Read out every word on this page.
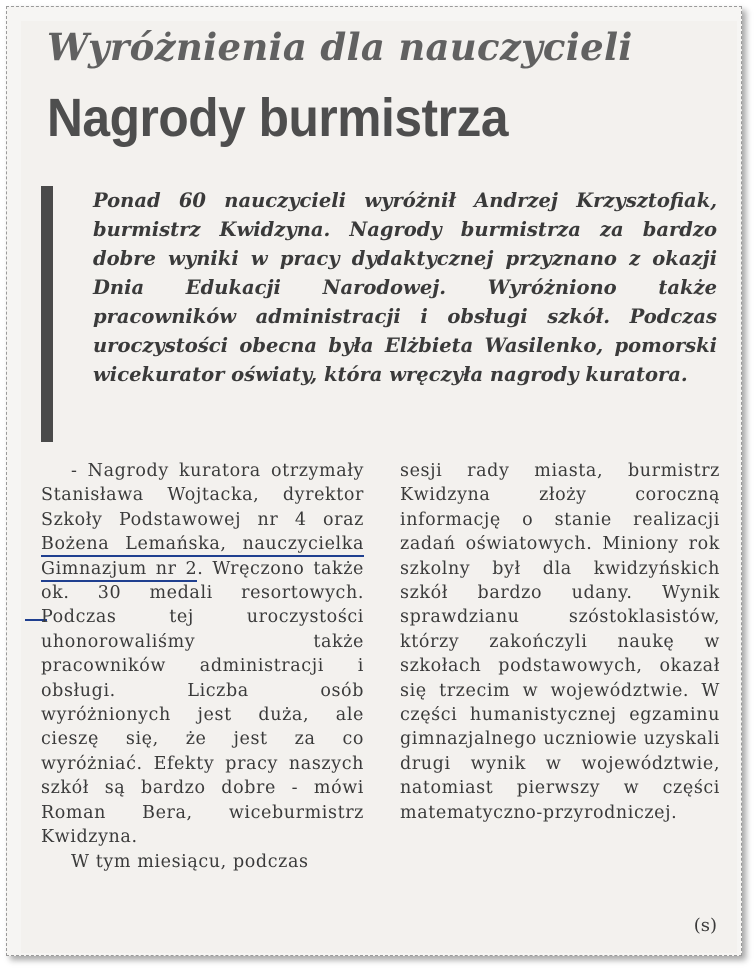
Wyróżnienia dla nauczycieli
Nagrody burmistrza
Ponad 60 nauczycieli wyróżnił Andrzej Krzysztofiak, burmistrz Kwidzyna. Nagrody burmistrza za bardzo dobre wyniki w pracy dydaktycznej przyznano z okazji Dnia Edukacji Narodowej. Wyróżniono także pracowników administracji i obsługi szkół. Podczas uroczystości obecna była Elżbieta Wasilenko, pomorski wicekurator oświaty, która wręczyła nagrody kuratora.

- Nagrody kuratora otrzymały Stanisława Wojtacka, dyrektor Szkoły Podstawowej nr 4 oraz Bożena Lemańska, nauczycielka Gimnazjum nr 2. Wręczono także ok. 30 medali resortowych. Podczas tej uroczystości uhonorowaliśmy także pracowników administracji i obsługi. Liczba osób wyróżnionych jest duża, ale cieszę się, że jest za co wyróżniać. Efekty pracy naszych szkół są bardzo dobre - mówi Roman Bera, wiceburmistrz Kwidzyna.

W tym miesiącu, podczas

sesji rady miasta, burmistrz Kwidzyna złoży coroczną informację o stanie realizacji zadań oświatowych. Miniony rok szkolny był dla kwidzyńskich szkół bardzo udany. Wynik sprawdzianu szóstoklasistów, którzy zakończyli naukę w szkołach podstawowych, okazał się trzecim w województwie. W części humanistycznej egzaminu gimnazjalnego uczniowie uzyskali drugi wynik w województwie, natomiast pierwszy w części matematyczno-przyrodniczej.

(s)
